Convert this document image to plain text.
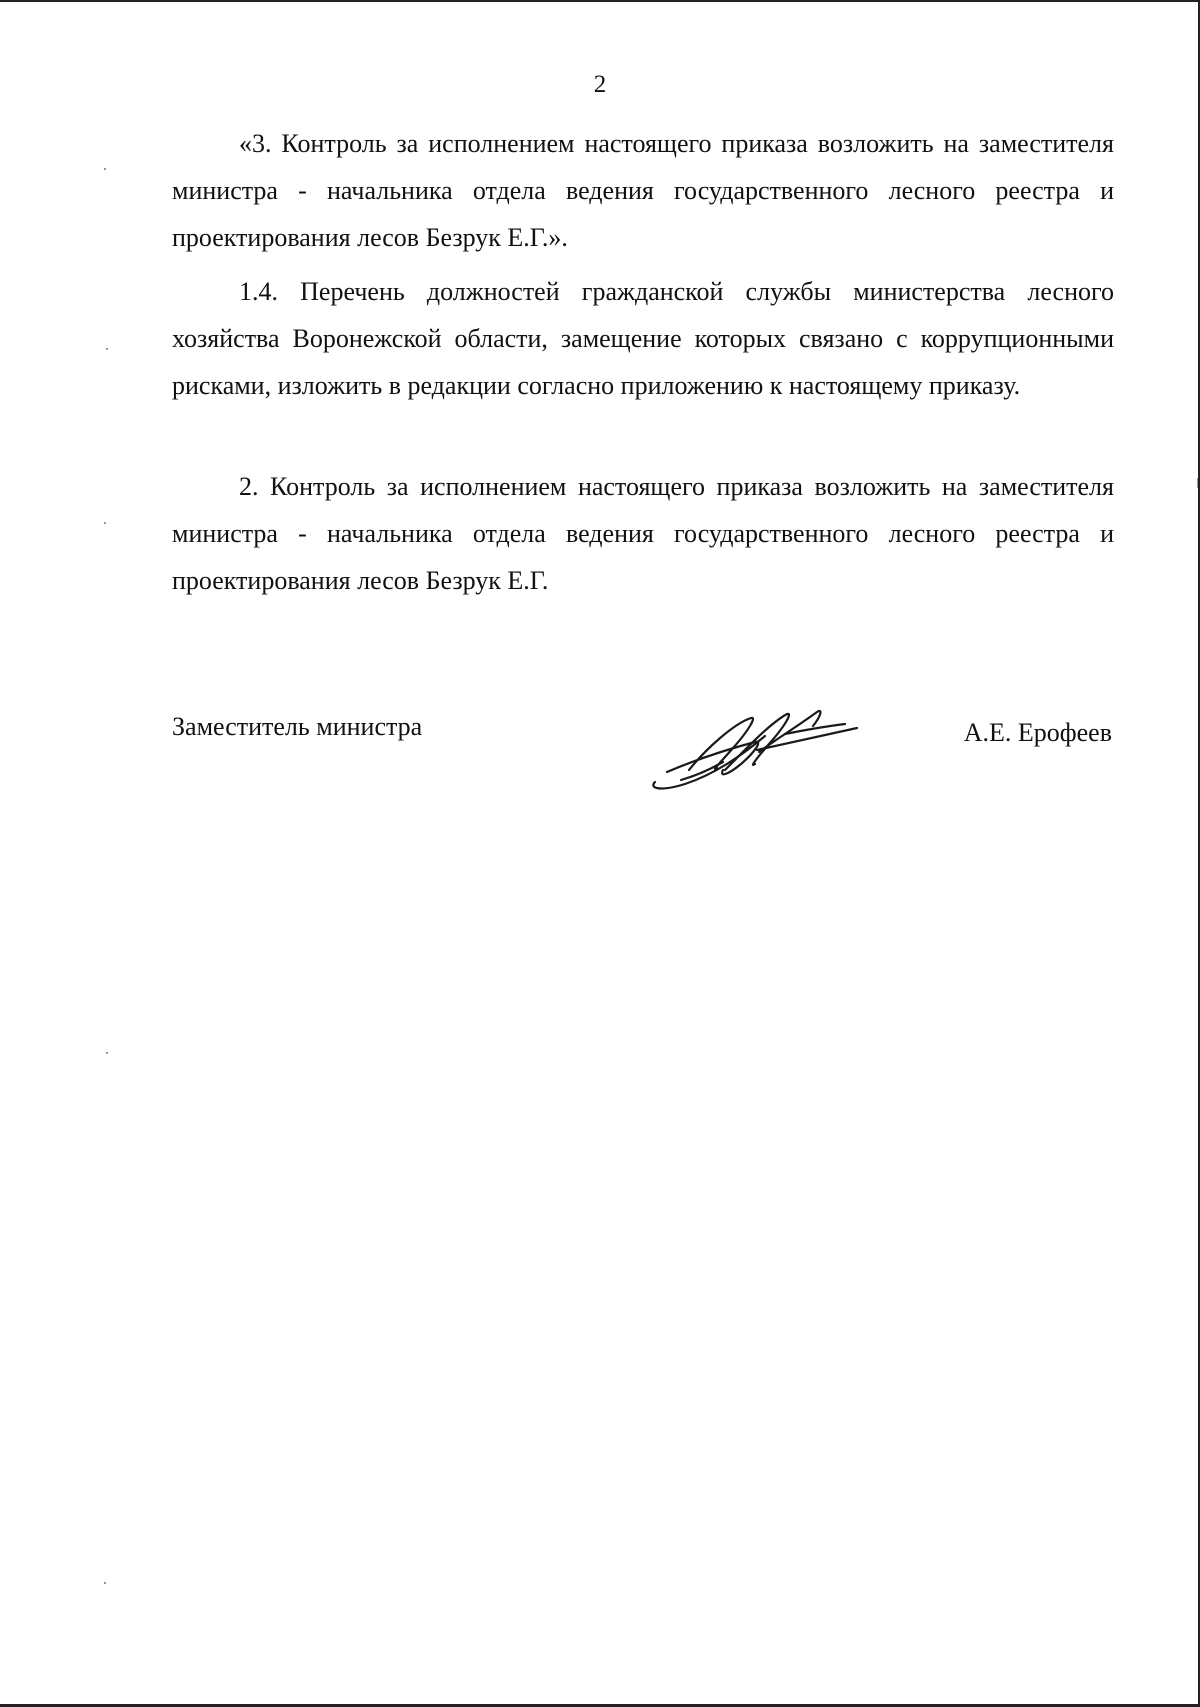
2

«3. Контроль за исполнением настоящего приказа возложить на заместителя министра - начальника отдела ведения государственного лесного реестра и проектирования лесов Безрук Е.Г.».

1.4. Перечень должностей гражданской службы министерства лесного хозяйства Воронежской области, замещение которых связано с коррупционными рисками, изложить в редакции согласно приложению к настоящему приказу.

2. Контроль за исполнением настоящего приказа возложить на заместителя министра - начальника отдела ведения государственного лесного реестра и проектирования лесов Безрук Е.Г.

Заместитель министра	А.Е. Ерофеев
